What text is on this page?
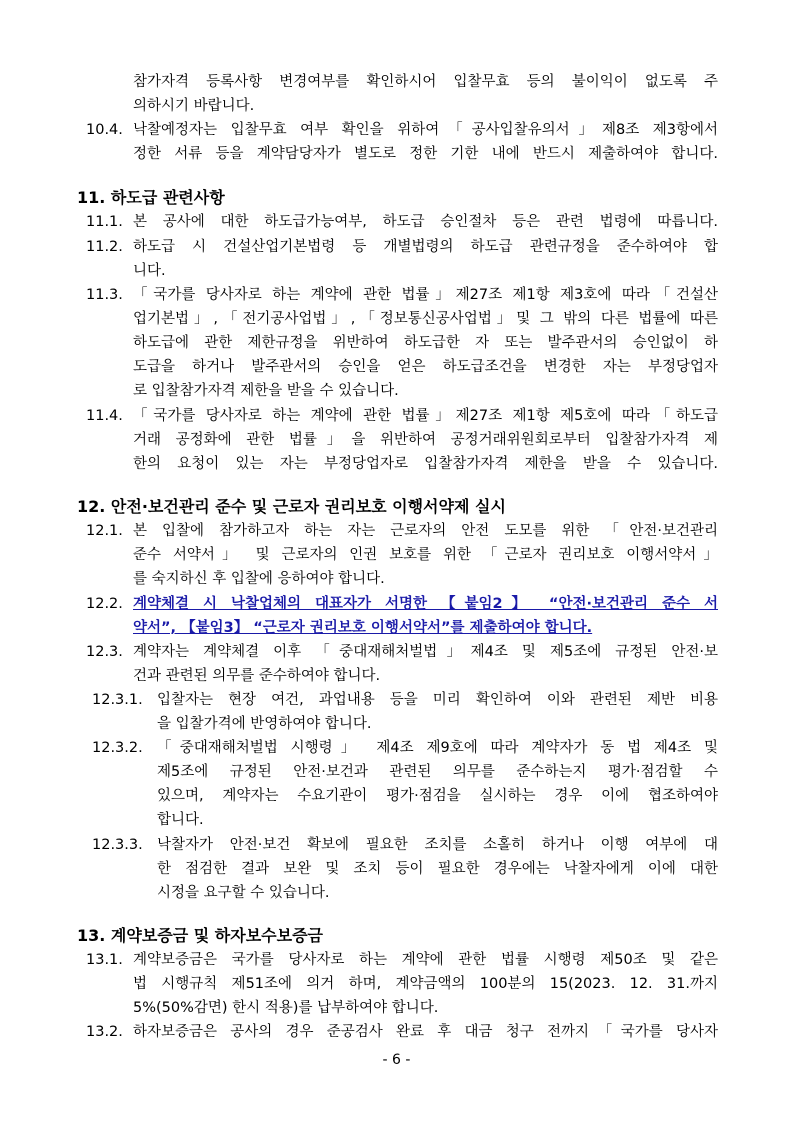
참가자격 등록사항 변경여부를 확인하시어 입찰무효 등의 불이익이 없도록 주
의하시기 바랍니다.
10.4. 낙찰예정자는 입찰무효 여부 확인을 위하여「공사입찰유의서」제8조 제3항에서
정한 서류 등을 계약담당자가 별도로 정한 기한 내에 반드시 제출하여야 합니다.
11. 하도급 관련사항
11.1. 본 공사에 대한 하도급가능여부, 하도급 승인절차 등은 관련 법령에 따릅니다.
11.2. 하도급 시 건설산업기본법령 등 개별법령의 하도급 관련규정을 준수하여야 합
니다.
11.3. 「국가를 당사자로 하는 계약에 관한 법률」제27조 제1항 제3호에 따라「건설산
업기본법」,「전기공사업법」,「정보통신공사업법」및 그 밖의 다른 법률에 따른
하도급에 관한 제한규정을 위반하여 하도급한 자 또는 발주관서의 승인없이 하
도급을 하거나 발주관서의 승인을 얻은 하도급조건을 변경한 자는 부정당업자
로 입찰참가자격 제한을 받을 수 있습니다.
11.4. 「국가를 당사자로 하는 계약에 관한 법률」제27조 제1항 제5호에 따라「하도급
거래 공정화에 관한 법률」을 위반하여 공정거래위원회로부터 입찰참가자격 제
한의 요청이 있는 자는 부정당업자로 입찰참가자격 제한을 받을 수 있습니다.
12. 안전·보건관리 준수 및 근로자 권리보호 이행서약제 실시
12.1. 본 입찰에 참가하고자 하는 자는 근로자의 안전 도모를 위한 「안전·보건관리
준수 서약서」 및 근로자의 인권 보호를 위한 「근로자 권리보호 이행서약서」
를 숙지하신 후 입찰에 응하여야 합니다.
12.2. 계약체결 시 낙찰업체의 대표자가 서명한 【붙임2】 “안전·보건관리 준수 서
약서”, 【붙임3】 “근로자 권리보호 이행서약서”를 제출하여야 합니다.
12.3. 계약자는 계약체결 이후 「중대재해처벌법」제4조 및 제5조에 규정된 안전·보
건과 관련된 의무를 준수하여야 합니다.
12.3.1. 입찰자는 현장 여건, 과업내용 등을 미리 확인하여 이와 관련된 제반 비용
을 입찰가격에 반영하여야 합니다.
12.3.2. 「중대재해처벌법 시행령」 제4조 제9호에 따라 계약자가 동 법 제4조 및
제5조에 규정된 안전·보건과 관련된 의무를 준수하는지 평가·점검할 수
있으며, 계약자는 수요기관이 평가·점검을 실시하는 경우 이에 협조하여야
합니다.
12.3.3. 낙찰자가 안전·보건 확보에 필요한 조치를 소홀히 하거나 이행 여부에 대
한 점검한 결과 보완 및 조치 등이 필요한 경우에는 낙찰자에게 이에 대한
시정을 요구할 수 있습니다.
13. 계약보증금 및 하자보수보증금
13.1. 계약보증금은 국가를 당사자로 하는 계약에 관한 법률 시행령 제50조 및 같은
법 시행규칙 제51조에 의거 하며, 계약금액의 100분의 15(2023. 12. 31.까지
5%(50%감면) 한시 적용)를 납부하여야 합니다.
13.2. 하자보증금은 공사의 경우 준공검사 완료 후 대금 청구 전까지「국가를 당사자
- 6 -
